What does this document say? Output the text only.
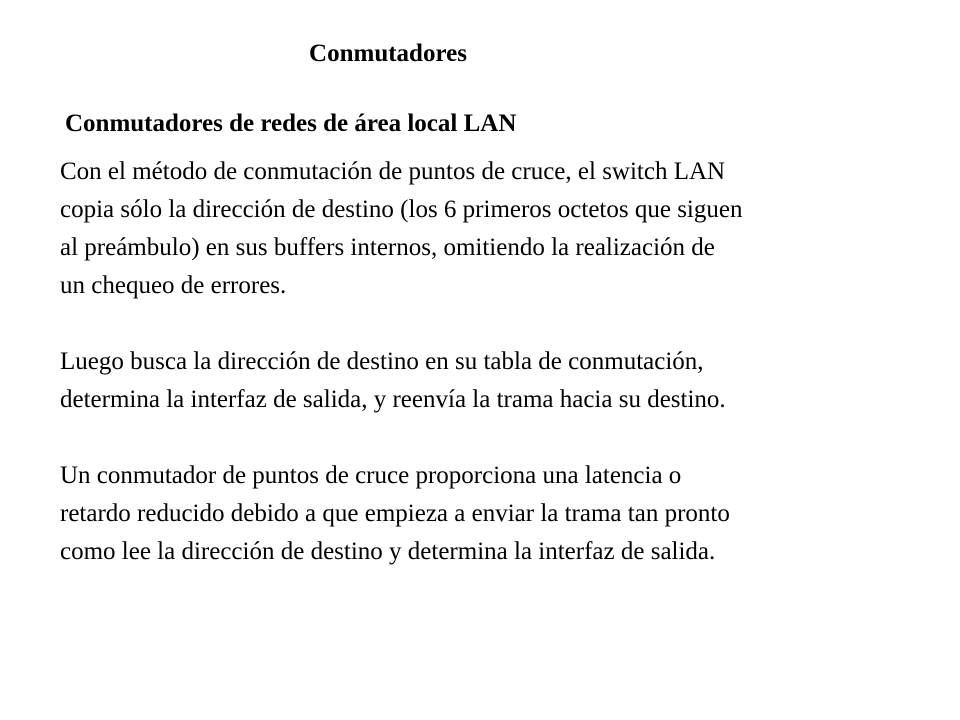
Conmutadores
Conmutadores de redes de área local LAN

Con el método de conmutación de puntos de cruce, el switch LAN
copia sólo la dirección de destino (los 6 primeros octetos que siguen
al preámbulo) en sus buffers internos, omitiendo la realización de
un chequeo de errores.

Luego busca la dirección de destino en su tabla de conmutación,
determina la interfaz de salida, y reenvía la trama hacia su destino.

Un conmutador de puntos de cruce proporciona una latencia o
retardo reducido debido a que empieza a enviar la trama tan pronto
como lee la dirección de destino y determina la interfaz de salida.
